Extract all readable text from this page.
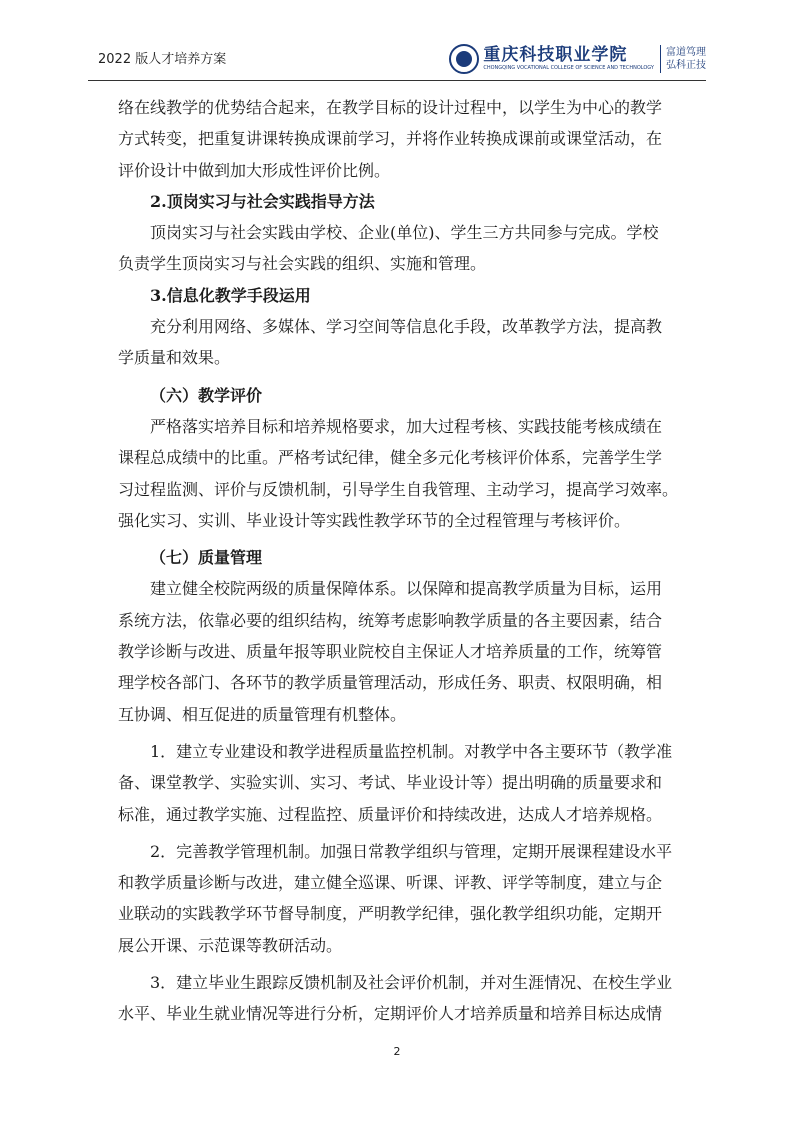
2022 版人才培养方案	重庆科技职业学院
CHONGQING VOCATIONAL COLLEGE OF SCIENCE AND TECHNOLOGY
富道笃理
弘科正技

络在线教学的优势结合起来，在教学目标的设计过程中，以学生为中心的教学

方式转变，把重复讲课转换成课前学习，并将作业转换成课前或课堂活动，在

评价设计中做到加大形成性评价比例。

2.顶岗实习与社会实践指导方法

顶岗实习与社会实践由学校、企业(单位)、学生三方共同参与完成。学校

负责学生顶岗实习与社会实践的组织、实施和管理。

3.信息化教学手段运用

充分利用网络、多媒体、学习空间等信息化手段，改革教学方法，提高教

学质量和效果。

（六）教学评价

严格落实培养目标和培养规格要求，加大过程考核、实践技能考核成绩在

课程总成绩中的比重。严格考试纪律，健全多元化考核评价体系，完善学生学

习过程监测、评价与反馈机制，引导学生自我管理、主动学习，提高学习效率。

强化实习、实训、毕业设计等实践性教学环节的全过程管理与考核评价。

（七）质量管理

建立健全校院两级的质量保障体系。以保障和提高教学质量为目标，运用

系统方法，依靠必要的组织结构，统筹考虑影响教学质量的各主要因素，结合

教学诊断与改进、质量年报等职业院校自主保证人才培养质量的工作，统筹管

理学校各部门、各环节的教学质量管理活动，形成任务、职责、权限明确，相

互协调、相互促进的质量管理有机整体。

1．建立专业建设和教学进程质量监控机制。对教学中各主要环节（教学准

备、课堂教学、实验实训、实习、考试、毕业设计等）提出明确的质量要求和

标准，通过教学实施、过程监控、质量评价和持续改进，达成人才培养规格。

2．完善教学管理机制。加强日常教学组织与管理，定期开展课程建设水平

和教学质量诊断与改进，建立健全巡课、听课、评教、评学等制度，建立与企

业联动的实践教学环节督导制度，严明教学纪律，强化教学组织功能，定期开

展公开课、示范课等教研活动。

3．建立毕业生跟踪反馈机制及社会评价机制，并对生涯情况、在校生学业

水平、毕业生就业情况等进行分析，定期评价人才培养质量和培养目标达成情

2
